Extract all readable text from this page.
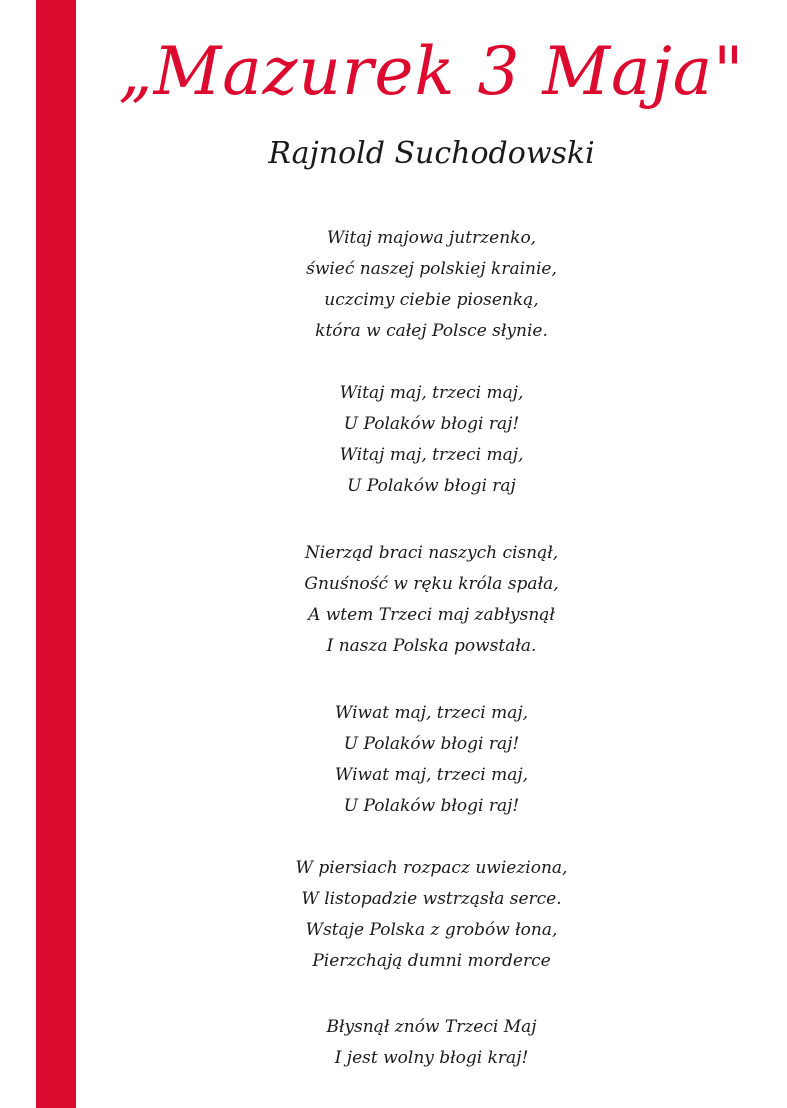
„Mazurek 3 Maja"
Rajnold Suchodowski
Witaj majowa jutrzenko,
świeć naszej polskiej krainie,
uczcimy ciebie piosenką,
która w całej Polsce słynie.
Witaj maj, trzeci maj,
U Polaków błogi raj!
Witaj maj, trzeci maj,
U Polaków błogi raj
Nierząd braci naszych cisnął,
Gnuśność w ręku króla spała,
A wtem Trzeci maj zabłysnął
I nasza Polska powstała.
Wiwat maj, trzeci maj,
U Polaków błogi raj!
Wiwat maj, trzeci maj,
U Polaków błogi raj!
W piersiach rozpacz uwieziona,
W listopadzie wstrząsła serce.
Wstaje Polska z grobów łona,
Pierzchają dumni morderce
Błysnął znów Trzeci Maj
I jest wolny błogi kraj!
